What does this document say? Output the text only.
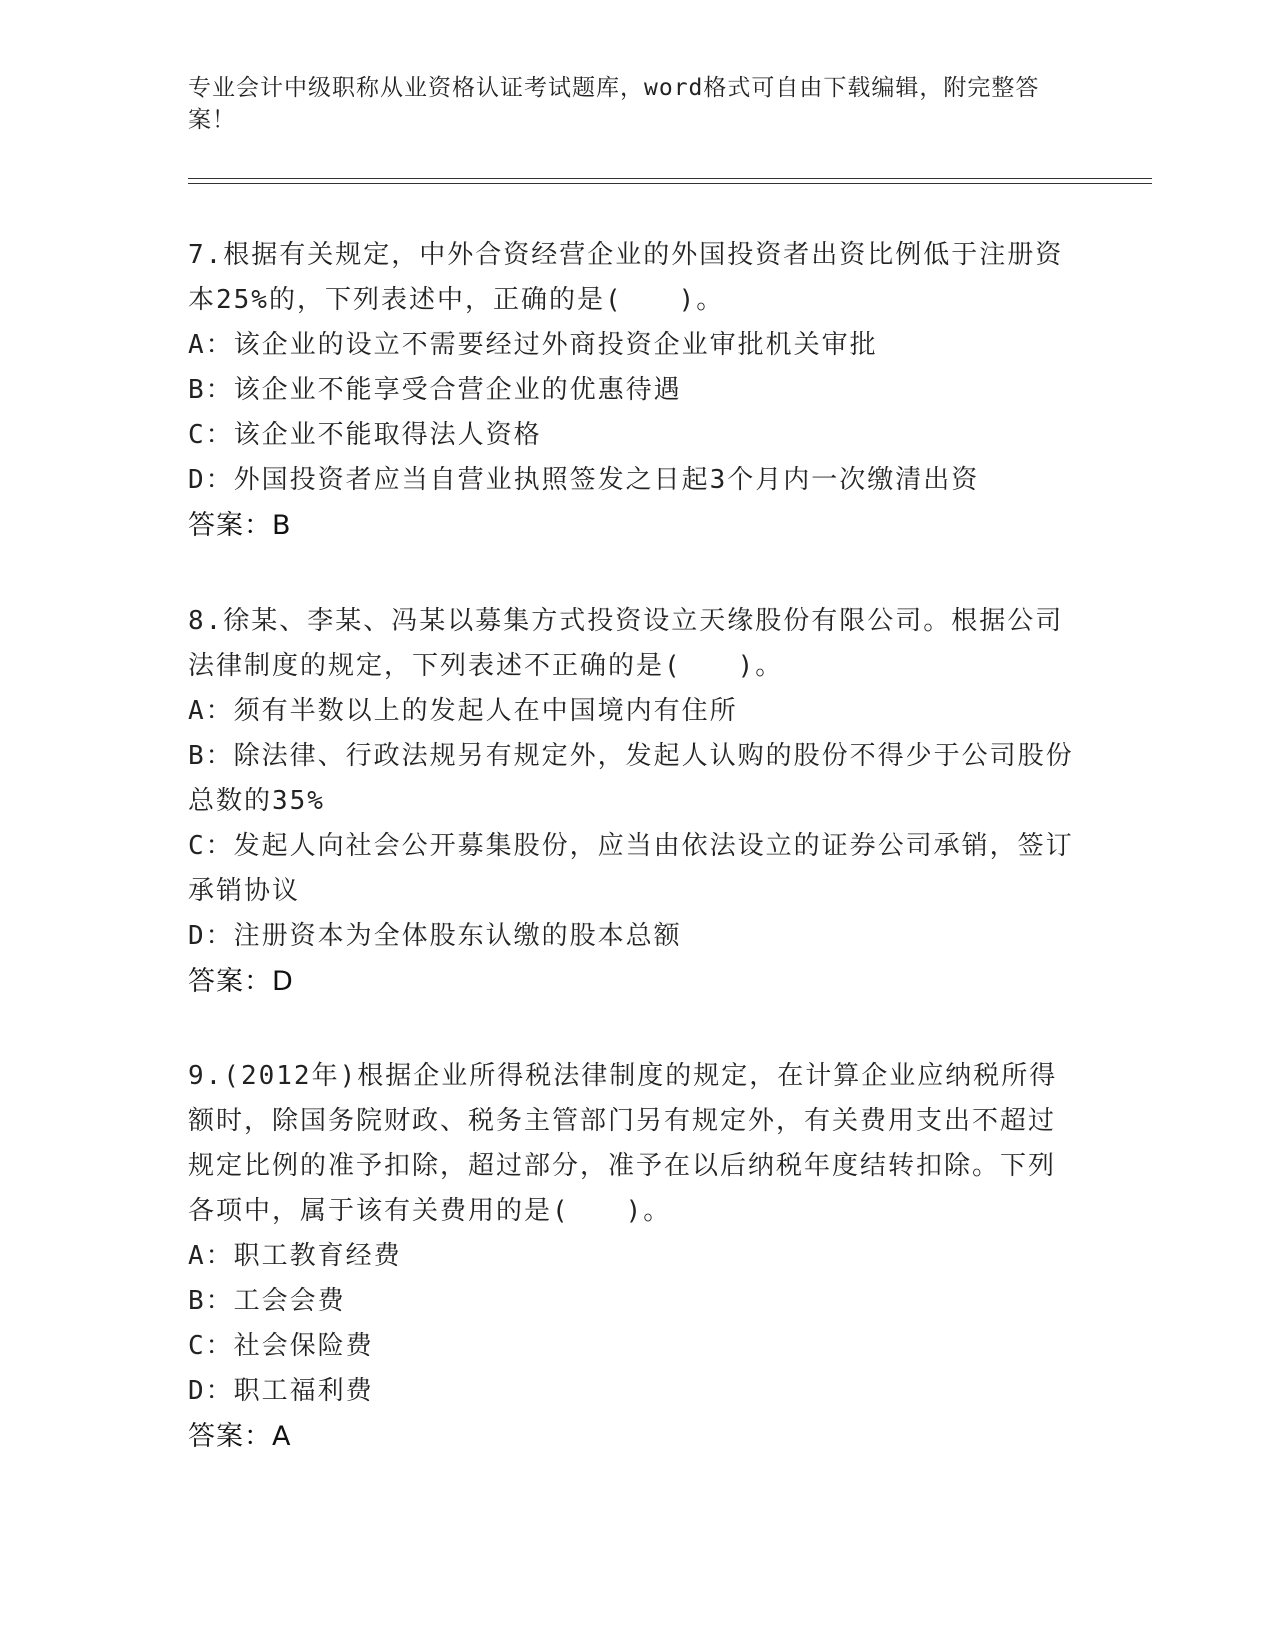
专业会计中级职称从业资格认证考试题库，word格式可自由下载编辑，附完整答案！
7.根据有关规定，中外合资经营企业的外国投资者出资比例低于注册资本25%的，下列表述中，正确的是(　　)。
A：该企业的设立不需要经过外商投资企业审批机关审批
B：该企业不能享受合营企业的优惠待遇
C：该企业不能取得法人资格
D：外国投资者应当自营业执照签发之日起3个月内一次缴清出资
答案：B
8.徐某、李某、冯某以募集方式投资设立天缘股份有限公司。根据公司法律制度的规定，下列表述不正确的是(　　)。
A：须有半数以上的发起人在中国境内有住所
B：除法律、行政法规另有规定外，发起人认购的股份不得少于公司股份总数的35%
C：发起人向社会公开募集股份，应当由依法设立的证券公司承销，签订承销协议
D：注册资本为全体股东认缴的股本总额
答案：D
9.(2012年)根据企业所得税法律制度的规定，在计算企业应纳税所得额时，除国务院财政、税务主管部门另有规定外，有关费用支出不超过规定比例的准予扣除，超过部分，准予在以后纳税年度结转扣除。下列各项中，属于该有关费用的是(　　)。
A：职工教育经费
B：工会会费
C：社会保险费
D：职工福利费
答案：A
